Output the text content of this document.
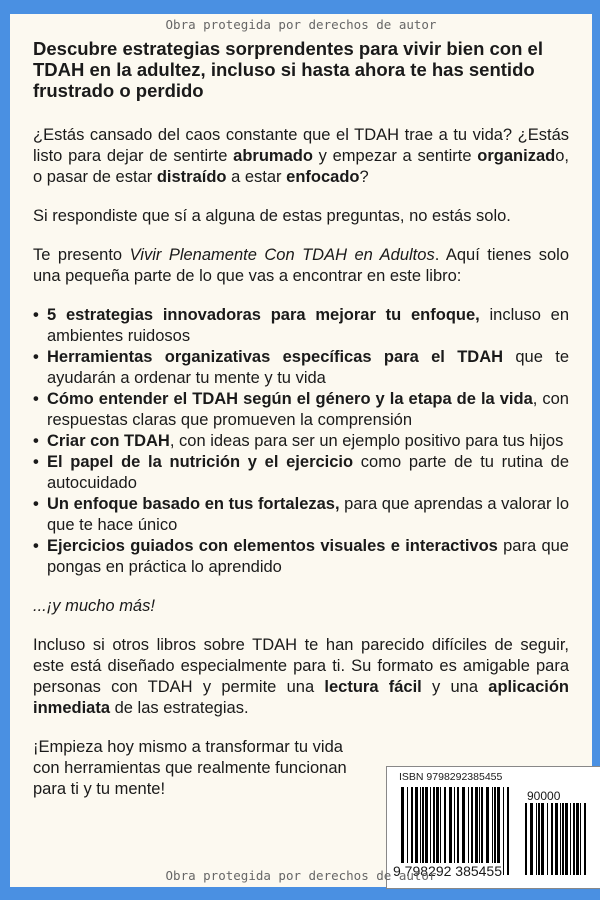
Obra protegida por derechos de autor
Descubre estrategias sorprendentes para vivir bien con el TDAH en la adultez, incluso si hasta ahora te has sentido frustrado o perdido

¿Estás cansado del caos constante que el TDAH trae a tu vida? ¿Estás listo para dejar de sentirte abrumado y empezar a sentirte organizado, o pasar de estar distraído a estar enfocado?

Si respondiste que sí a alguna de estas preguntas, no estás solo.

Te presento Vivir Plenamente Con TDAH en Adultos. Aquí tienes solo una pequeña parte de lo que vas a encontrar en este libro:

• 5 estrategias innovadoras para mejorar tu enfoque, incluso en ambientes ruidosos
• Herramientas organizativas específicas para el TDAH que te ayudarán a ordenar tu mente y tu vida
• Cómo entender el TDAH según el género y la etapa de la vida, con respuestas claras que promueven la comprensión
• Criar con TDAH, con ideas para ser un ejemplo positivo para tus hijos
• El papel de la nutrición y el ejercicio como parte de tu rutina de autocuidado
• Un enfoque basado en tus fortalezas, para que aprendas a valorar lo que te hace único
• Ejercicios guiados con elementos visuales e interactivos para que pongas en práctica lo aprendido

...¡y mucho más!

Incluso si otros libros sobre TDAH te han parecido difíciles de seguir, este está diseñado especialmente para ti. Su formato es amigable para personas con TDAH y permite una lectura fácil y una aplicación inmediata de las estrategias.

¡Empieza hoy mismo a transformar tu vida con herramientas que realmente funcionan para ti y tu mente!

ISBN 9798292385455
90000
9 798292 385455
Obra protegida por derechos de autor
